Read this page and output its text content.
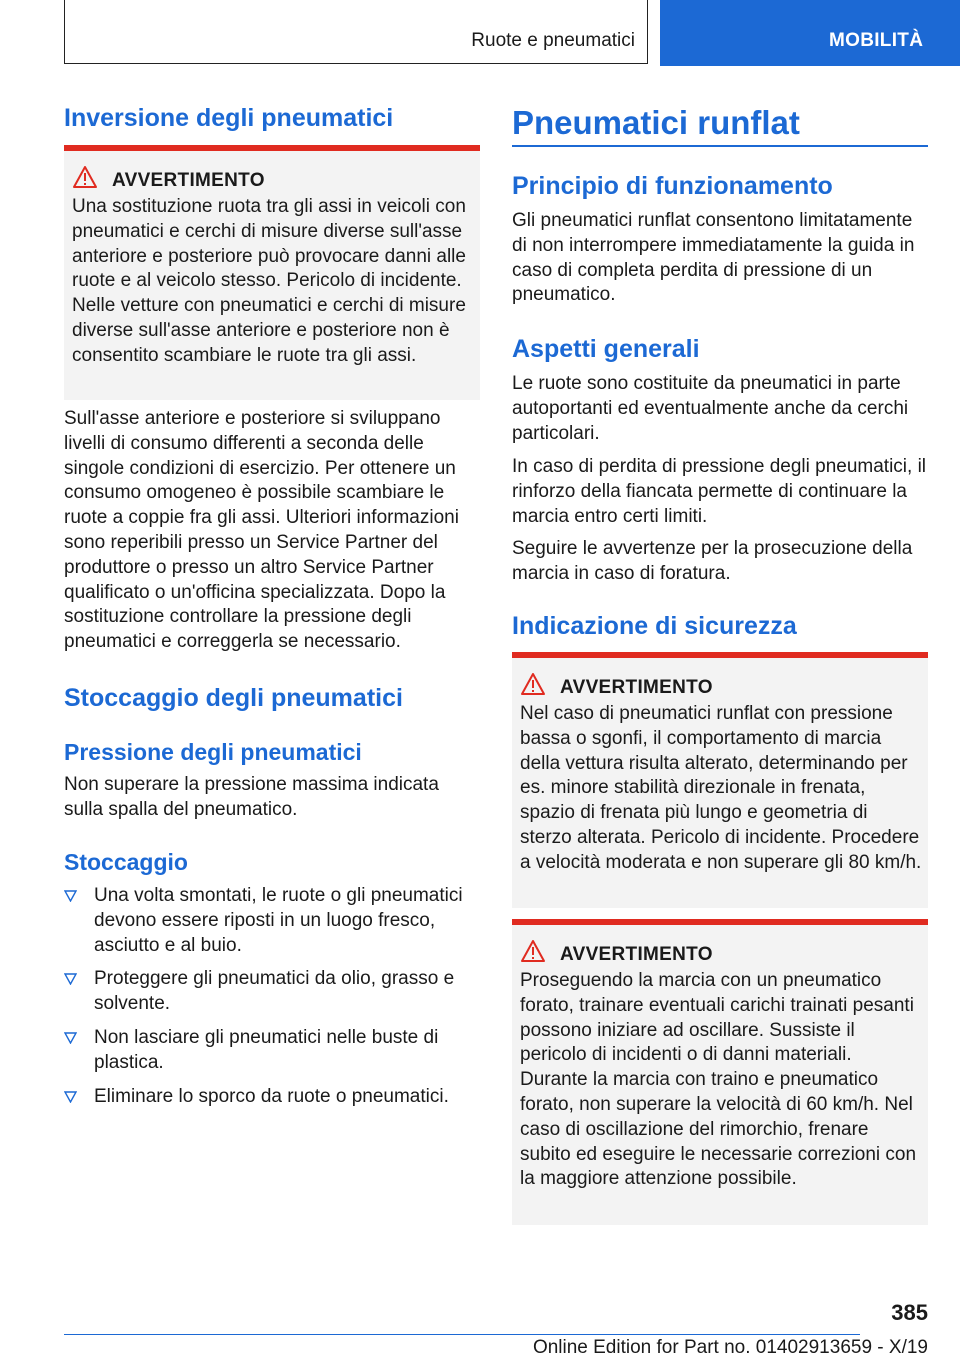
Ruote e pneumatici	MOBILITÀ
Inversione degli pneumatici
AVVERTIMENTO

Una sostituzione ruota tra gli assi in veicoli con pneumatici e cerchi di misure diverse sull'asse anteriore e posteriore può provocare danni alle ruote e al veicolo stesso. Pericolo di incidente. Nelle vetture con pneumatici e cerchi di misure diverse sull'asse anteriore e posteriore non è consentito scambiare le ruote tra gli assi.

Sull'asse anteriore e posteriore si sviluppano livelli di consumo differenti a seconda delle singole condizioni di esercizio. Per ottenere un consumo omogeneo è possibile scambiare le ruote a coppie fra gli assi. Ulteriori informazioni sono reperibili presso un Service Partner del produttore o presso un altro Service Partner qualificato o un'officina specializzata. Dopo la sostituzione controllare la pressione degli pneumatici e correggerla se necessario.

Stoccaggio degli pneumatici
Pressione degli pneumatici

Non superare la pressione massima indicata sulla spalla del pneumatico.

Stoccaggio
Una volta smontati, le ruote o gli pneumatici devono essere riposti in un luogo fresco, asciutto e al buio.
Proteggere gli pneumatici da olio, grasso e solvente.
Non lasciare gli pneumatici nelle buste di plastica.
Eliminare lo sporco da ruote o pneumatici.
Pneumatici runflat
Principio di funzionamento

Gli pneumatici runflat consentono limitatamente di non interrompere immediatamente la guida in caso di completa perdita di pressione di un pneumatico.

Aspetti generali

Le ruote sono costituite da pneumatici in parte autoportanti ed eventualmente anche da cerchi particolari.

In caso di perdita di pressione degli pneumatici, il rinforzo della fiancata permette di continuare la marcia entro certi limiti.

Seguire le avvertenze per la prosecuzione della marcia in caso di foratura.

Indicazione di sicurezza
AVVERTIMENTO

Nel caso di pneumatici runflat con pressione bassa o sgonfi, il comportamento di marcia della vettura risulta alterato, determinando per es. minore stabilità direzionale in frenata, spazio di frenata più lungo e geometria di sterzo alterata. Pericolo di incidente. Procedere a velocità moderata e non superare gli 80 km/h.

AVVERTIMENTO

Proseguendo la marcia con un pneumatico forato, trainare eventuali carichi trainati pesanti possono iniziare ad oscillare. Sussiste il pericolo di incidenti o di danni materiali. Durante la marcia con traino e pneumatico forato, non superare la velocità di 60 km/h. Nel caso di oscillazione del rimorchio, frenare subito ed eseguire le necessarie correzioni con la maggiore attenzione possibile.

385
Online Edition for Part no. 01402913659 - X/19
